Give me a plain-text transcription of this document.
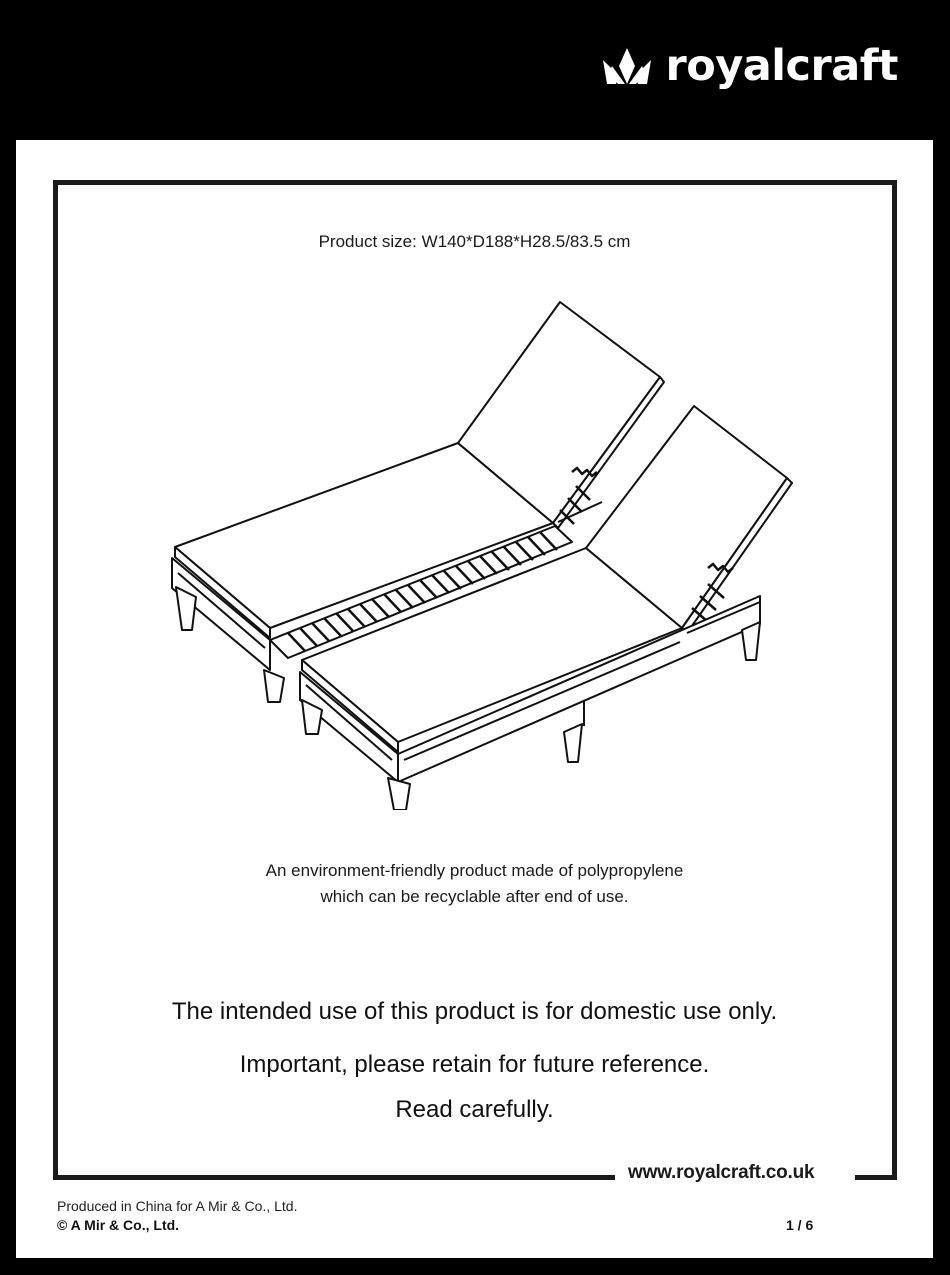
royalcraft
Product size: W140*D188*H28.5/83.5 cm
An environment-friendly product made of polypropylene
which can be recyclable after end of use.
The intended use of this product is for domestic use only.
Important, please retain for future reference.
Read carefully.
www.royalcraft.co.uk
Produced in China for A Mir & Co., Ltd.
© A Mir & Co., Ltd.	1 / 6
